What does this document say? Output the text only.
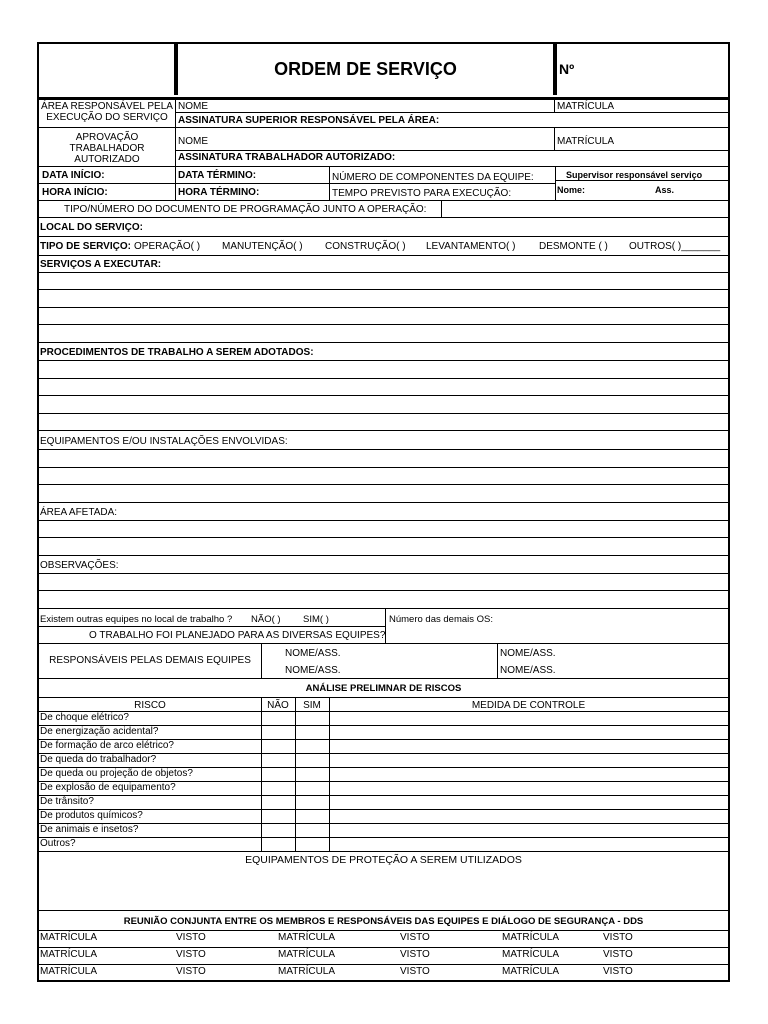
ORDEM DE SERVIÇO	Nº
ÁREA RESPONSÁVEL PELA EXECUÇÃO DO SERVIÇO
NOME	MATRÍCULA
ASSINATURA SUPERIOR RESPONSÁVEL PELA ÁREA:
APROVAÇÃO TRABALHADOR AUTORIZADO
NOME	MATRÍCULA
ASSINATURA TRABALHADOR AUTORIZADO:
DATA INÍCIO:	DATA TÉRMINO:	NÚMERO DE COMPONENTES DA EQUIPE:	Supervisor responsável serviço
HORA INÍCIO:	HORA TÉRMINO:	TEMPO PREVISTO PARA EXECUÇÃO:	Nome:	Ass.
TIPO/NÚMERO DO DOCUMENTO DE PROGRAMAÇÃO JUNTO A OPERAÇÃO:
LOCAL DO SERVIÇO:
TIPO DE SERVIÇO: OPERAÇÃO( ) MANUTENÇÃO( ) CONSTRUÇÃO( ) LEVANTAMENTO( ) DESMONTE ( ) OUTROS( )_______
SERVIÇOS A EXECUTAR:
PROCEDIMENTOS DE TRABALHO A SEREM ADOTADOS:
EQUIPAMENTOS E/OU INSTALAÇÕES ENVOLVIDAS:
ÁREA AFETADA:
OBSERVAÇÕES:
Existem outras equipes no local de trabalho ? NÃO( ) SIM( )	Número das demais OS:
O TRABALHO FOI PLANEJADO PARA AS DIVERSAS EQUIPES?
RESPONSÁVEIS PELAS DEMAIS EQUIPES
NOME/ASS.	NOME/ASS.
NOME/ASS.	NOME/ASS.
ANÁLISE PRELIMNAR DE RISCOS
RISCO	NÃO	SIM	MEDIDA DE CONTROLE
De choque elétrico?
De energização acidental?
De formação de arco elétrico?
De queda do trabalhador?
De queda ou projeção de objetos?
De explosão de equipamento?
De trânsito?
De produtos químicos?
De animais e insetos?
Outros?
EQUIPAMENTOS DE PROTEÇÃO A SEREM UTILIZADOS
REUNIÃO CONJUNTA ENTRE OS MEMBROS E RESPONSÁVEIS DAS EQUIPES E DIÁLOGO DE SEGURANÇA - DDS
MATRÍCULA	VISTO	MATRÍCULA	VISTO	MATRÍCULA	VISTO
MATRÍCULA	VISTO	MATRÍCULA	VISTO	MATRÍCULA	VISTO
MATRÍCULA	VISTO	MATRÍCULA	VISTO	MATRÍCULA	VISTO
